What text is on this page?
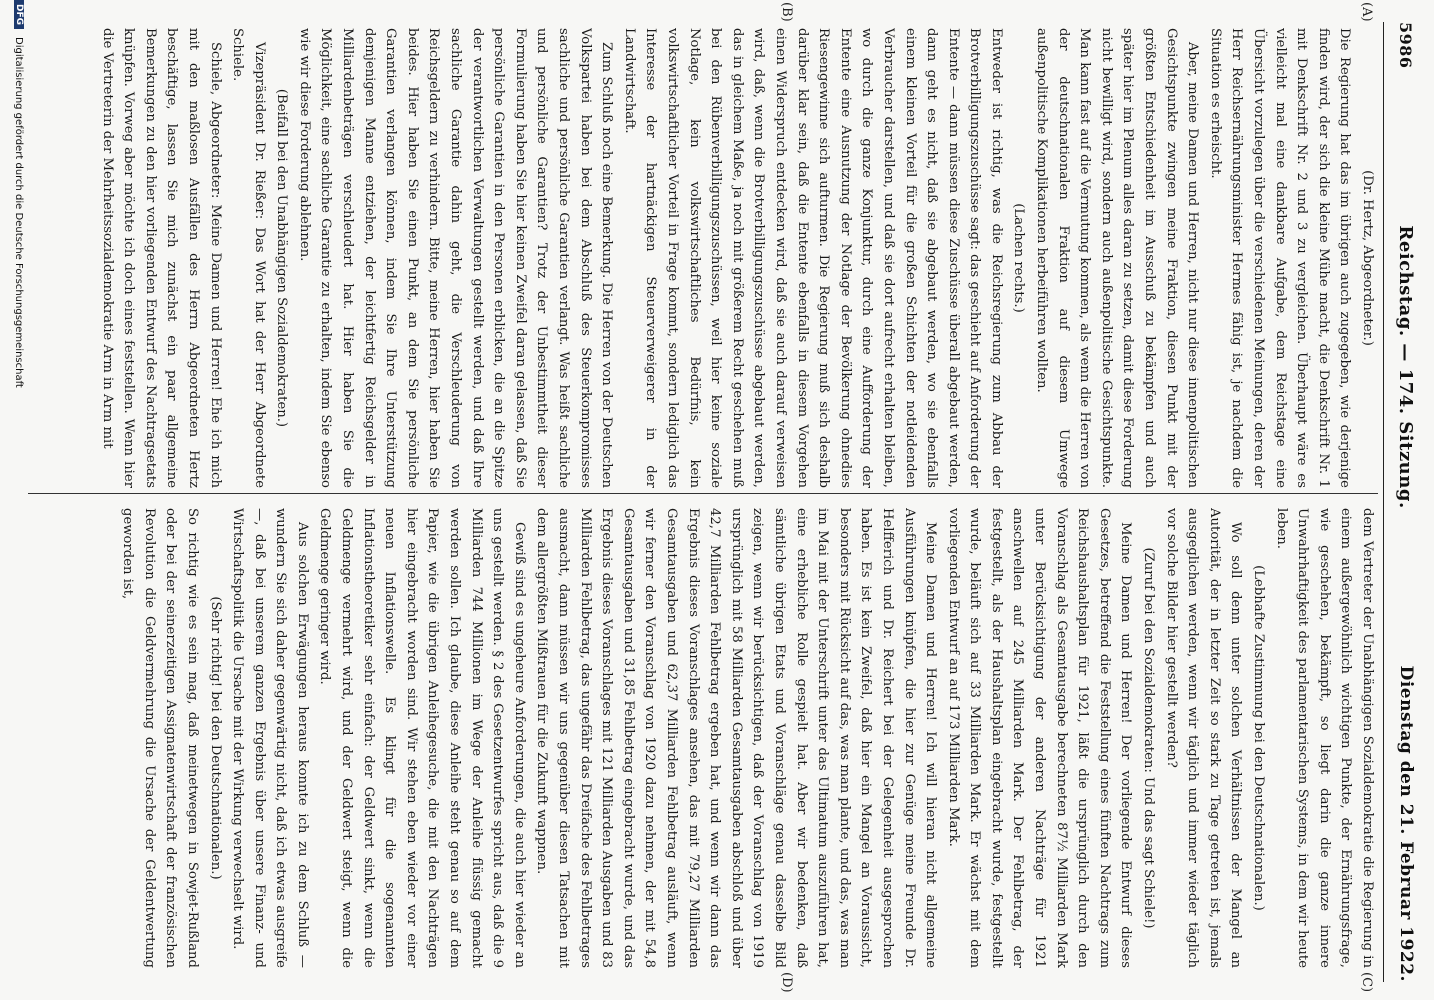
5986
Reichstag. — 174. Sitzung.
Dienstag den 21. Februar 1922.
(A)
(B)
(C)
(D)

(Dr. Hertz, Abgeordneter.)

Die Regierung hat das im übrigen auch zugegeben, wie derjenige finden wird, der sich die kleine Mühe macht, die Denkschrift Nr. 1 mit Denkschrift Nr. 2 und 3 zu vergleichen. Überhaupt wäre es vielleicht mal eine dankbare Aufgabe, dem Reichstage eine Übersicht vorzulegen über die verschiedenen Meinungen, deren der Herr Reichsernährungsminister Hermes fähig ist, je nachdem die Situation es erheischt.

Aber, meine Damen und Herren, nicht nur diese innenpolitischen Gesichtspunkte zwingen meine Fraktion, diesen Punkt mit der größten Entschiedenheit im Ausschuß zu bekämpfen und auch später hier im Plenum alles daran zu setzen, damit diese Forderung nicht bewilligt wird, sondern auch außenpolitische Gesichtspunkte. Man kann fast auf die Vermutung kommen, als wenn die Herren von der deutschnationalen Fraktion auf diesem Umwege außenpolitische Komplikationen herbeiführen wollten.

(Lachen rechts.)

Entweder ist richtig, was die Reichsregierung zum Abbau der Brotverbilligungszuschüsse sagt: das geschieht auf Anforderung der Entente — dann müssen diese Zuschüsse überall abgebaut werden, dann geht es nicht, daß sie abgebaut werden, wo sie ebenfalls einem kleinen Vorteil für die großen Schichten der notleidenden Verbraucher darstellen, und daß sie dort aufrecht erhalten bleiben, wo durch die ganze Konjunktur, durch eine Aufforderung der Entente eine Ausnutzung der Notlage der Bevölkerung ohnedies Riesengewinne sich aufturmen. Die Regierung muß sich deshalb darüber klar sein, daß die Entente ebenfalls in diesem Vorgehen einen Widerspruch entdecken wird, daß sie auch darauf verweisen wird, daß, wenn die Brotverbilligungszuschüsse abgebaut werden, das in gleichem Maße, ja noch mit größerem Recht geschehen muß bei den Rübenverbilligungszuschüssen, weil hier keine soziale Notlage, kein volkswirtschaftliches Bedürfnis, kein volkswirtschaftlicher Vorteil in Frage kommt, sondern lediglich das Interesse der hartnäckigen Steuerverweigerer in der Landwirtschaft.

Zum Schluß noch eine Bemerkung. Die Herren von der Deutschen Volkspartei haben bei dem Abschluß des Steuerkompromisses sachliche und persönliche Garantien verlangt. Was heißt sachliche und persönliche Garantien? Trotz der Unbestimmtheit dieser Formulierung haben Sie hier keinen Zweifel daran gelassen, daß Sie persönliche Garantien in den Personen erblicken, die an die Spitze der verantwortlichen Verwaltungen gestellt werden, und daß Ihre sachliche Garantie dahin geht, die Verschleuderung von Reichsgeldern zu verhindern. Bitte, meine Herren, hier haben Sie beides. Hier haben Sie einen Punkt, an dem Sie persönliche Garantien verlangen können, indem Sie Ihre Unterstützung demjenigen Manne entziehen, der leichtfertig Reichsgelder in Milliardenbeträgen verschleudert hat. Hier haben Sie die Möglichkeit, eine sachliche Garantie zu erhalten, indem Sie ebenso wie wir diese Forderung ablehnen.

(Beifall bei den Unabhängigen Sozialdemokraten.)

Vizepräsident Dr. Rießer: Das Wort hat der Herr Abgeordnete Schiele.

Schiele, Abgeordneter: Meine Damen und Herren! Ehe ich mich mit den maßlosen Ausfällen des Herrn Abgeordneten Hertz beschäftige, lassen Sie mich zunächst ein paar allgemeine Bemerkungen zu den hier vorliegenden Entwurf des Nachtragsetats knüpfen. Vorweg aber möchte ich doch eines feststellen. Wenn hier die Vertreterin der Mehrheitssozialdemokratie Arm in Arm mit

dem Vertreter der Unabhängigen Sozialdemokratie die Regierung in einem außergewöhnlich wichtigen Punkte, der Ernährungsfrage, wie geschehen, bekämpft, so liegt darin die ganze innere Unwahrhaftigkeit des parlamentarischen Systems, in dem wir heute leben.

(Lebhafte Zustimmung bei den Deutschnationalen.)

Wo soll denn unter solchen Verhältnissen der Mangel an Autorität, der in letzter Zeit so stark zu Tage getreten ist, jemals ausgeglichen werden, wenn wir täglich und immer wieder täglich vor solche Bilder hier gestellt werden?

(Zuruf bei den Sozialdemokraten: Und das sagt Schiele!)

Meine Damen und Herren! Der vorliegende Entwurf dieses Gesetzes, betreffend die Feststellung eines fünften Nachtrags zum Reichshaushaltsplan für 1921, läßt die ursprünglich durch den Voranschlag als Gesamtausgabe berechneten 87½ Milliarden Mark unter Berücksichtigung der anderen Nachträge für 1921 anschwellen auf 245 Milliarden Mark. Der Fehlbetrag, der festgestellt, als der Haushaltsplan eingebracht wurde, festgestellt wurde, beläuft sich auf 33 Milliarden Mark. Er wächst mit dem vorliegenden Entwurf an auf 173 Milliarden Mark.

Meine Damen und Herren! Ich will hieran nicht allgemeine Ausführungen knüpfen, die hier zur Genüge meine Freunde Dr. Helfferich und Dr. Reichert bei der Gelegenheit ausgesprochen haben. Es ist kein Zweifel, daß hier ein Mangel an Voraussicht, besonders mit Rücksicht auf das, was man plante, und das, was man im Mai mit der Unterschrift unter das Ultimatum auszuführen hat, eine erhebliche Rolle gespielt hat. Aber wir bedenken, daß sämtliche übrigen Etats und Voranschläge genau dasselbe Bild zeigen, wenn wir berücksichtigen, daß der Voranschlag von 1919 ursprünglich mit 58 Milliarden Gesamtausgaben abschloß und über 42,7 Milliarden Fehlbetrag ergeben hat, und wenn wir dann das Ergebnis dieses Voranschlages ansehen, das mit 79,27 Milliarden Gesamtausgaben und 62,37 Milliarden Fehlbetrag ausläuft, wenn wir ferner den Voranschlag von 1920 dazu nehmen, der mit 54,8 Gesamtausgaben und 31,85 Fehlbetrag eingebracht wurde, und das Ergebnis dieses Voranschlages mit 121 Milliarden Ausgaben und 83 Milliarden Fehlbetrag, das ungefähr das Dreifache des Fehlbetrages ausmacht, dann müssen wir uns gegenüber diesen Tatsachen mit dem allergrößten Mißtrauen für die Zukunft wappnen.

Gewiß sind es ungeheure Anforderungen, die auch hier wieder an uns gestellt werden. § 2 des Gesetzentwurfes spricht aus, daß die 9 Milliarden 744 Millionen im Wege der Anleihe flüssig gemacht werden sollen. Ich glaube, diese Anleihe steht genau so auf dem Papier, wie die übrigen Anleihegesuche, die mit den Nachträgen hier eingebracht worden sind. Wir stehen eben wieder vor einer neuen Inflationswelle. Es klingt für die sogenannten Inflationstheoretiker sehr einfach: der Geldwert sinkt, wenn die Geldmenge vermehrt wird, und der Geldwert steigt, wenn die Geldmenge geringer wird.

Aus solchen Erwägungen heraus konnte ich zu dem Schluß — wundern Sie sich daher gegenwärtig nicht, daß ich etwas ausgreife —, daß bei unserem ganzen Ergebnis über unsere Finanz- und Wirtschaftspolitik die Ursache mit der Wirkung verwechselt wird.

(Sehr richtig! bei den Deutschnationalen.)

So richtig wie es sein mag, daß meinetwegen in Sowjet-Rußland oder bei der seinerzeitigen Assignatenwirtschaft der französischen Revolution die Geldvermehrung die Ursache der Geldentwertung geworden ist,

DFG
Digitalisierung gefördert durch die Deutsche Forschungsgemeinschaft
